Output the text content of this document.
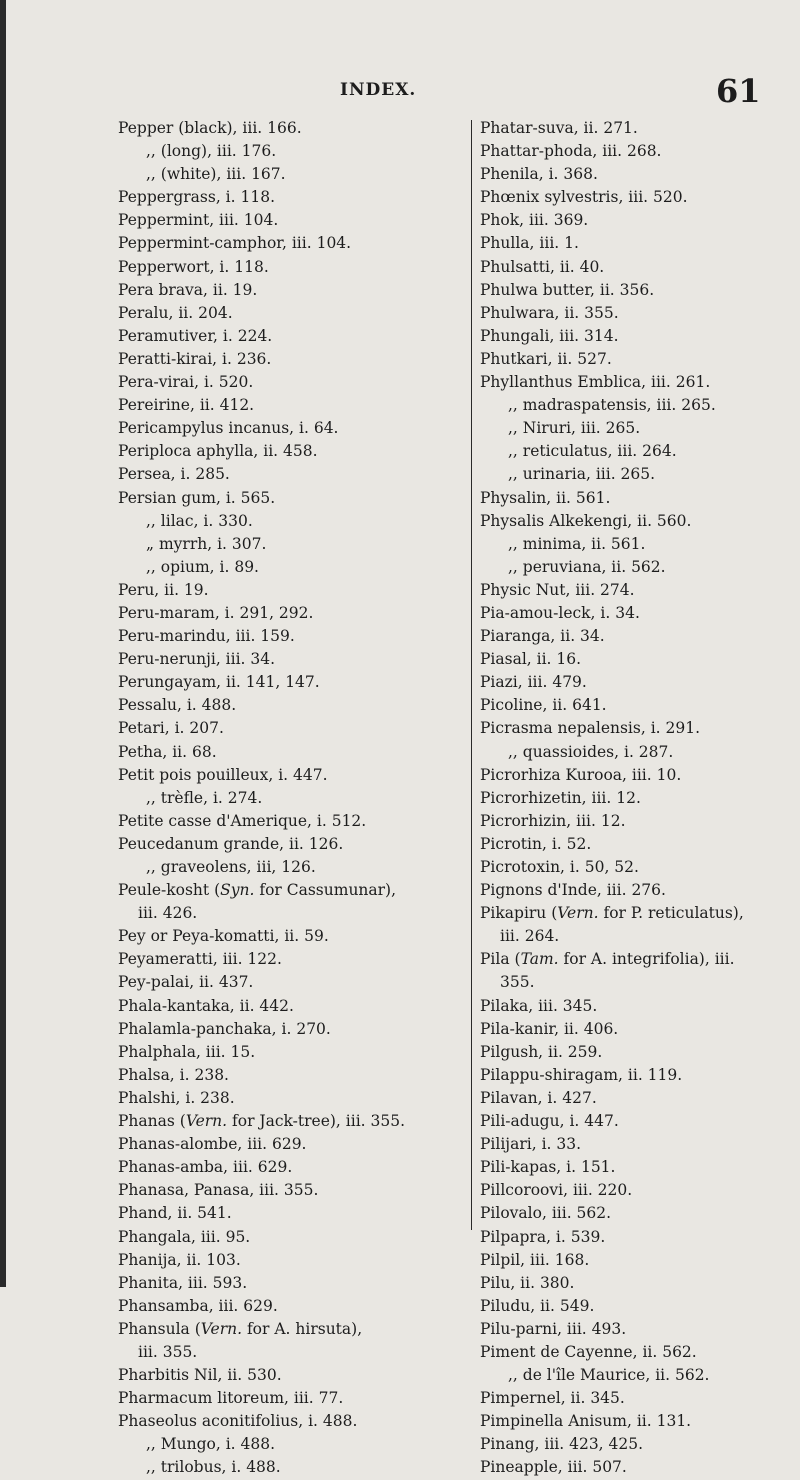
INDEX.	61
Pepper (black), iii. 166.
,, (long), iii. 176.
,, (white), iii. 167.
Peppergrass, i. 118.
Peppermint, iii. 104.
Peppermint-camphor, iii. 104.
Pepperwort, i. 118.
Pera brava, ii. 19.
Peralu, ii. 204.
Peramutiver, i. 224.
Peratti-kirai, i. 236.
Pera-virai, i. 520.
Pereirine, ii. 412.
Pericampylus incanus, i. 64.
Periploca aphylla, ii. 458.
Persea, i. 285.
Persian gum, i. 565.
,, lilac, i. 330.
„ myrrh, i. 307.
,, opium, i. 89.
Peru, ii. 19.
Peru-maram, i. 291, 292.
Peru-marindu, iii. 159.
Peru-nerunji, iii. 34.
Perungayam, ii. 141, 147.
Pessalu, i. 488.
Petari, i. 207.
Petha, ii. 68.
Petit pois pouilleux, i. 447.
,, trèfle, i. 274.
Petite casse d'Amerique, i. 512.
Peucedanum grande, ii. 126.
,, graveolens, iii, 126.
Peule-kosht (Syn. for Cassumunar),
iii. 426.
Pey or Peya-komatti, ii. 59.
Peyameratti, iii. 122.
Pey-palai, ii. 437.
Phala-kantaka, ii. 442.
Phalamla-panchaka, i. 270.
Phalphala, iii. 15.
Phalsa, i. 238.
Phalshi, i. 238.
Phanas (Vern. for Jack-tree), iii. 355.
Phanas-alombe, iii. 629.
Phanas-amba, iii. 629.
Phanasa, Panasa, iii. 355.
Phand, ii. 541.
Phangala, iii. 95.
Phanija, ii. 103.
Phanita, iii. 593.
Phansamba, iii. 629.
Phansula (Vern. for A. hirsuta),
iii. 355.
Pharbitis Nil, ii. 530.
Pharmacum litoreum, iii. 77.
Phaseolus aconitifolius, i. 488.
,, Mungo, i. 488.
,, trilobus, i. 488.
Phatar-suva, ii. 271.
Phattar-phoda, iii. 268.
Phenila, i. 368.
Phœnix sylvestris, iii. 520.
Phok, iii. 369.
Phulla, iii. 1.
Phulsatti, ii. 40.
Phulwa butter, ii. 356.
Phulwara, ii. 355.
Phungali, iii. 314.
Phutkari, ii. 527.
Phyllanthus Emblica, iii. 261.
,, madraspatensis, iii. 265.
,, Niruri, iii. 265.
,, reticulatus, iii. 264.
,, urinaria, iii. 265.
Physalin, ii. 561.
Physalis Alkekengi, ii. 560.
,, minima, ii. 561.
,, peruviana, ii. 562.
Physic Nut, iii. 274.
Pia-amou-leck, i. 34.
Piaranga, ii. 34.
Piasal, ii. 16.
Piazi, iii. 479.
Picoline, ii. 641.
Picrasma nepalensis, i. 291.
,, quassioides, i. 287.
Picrorhiza Kurooa, iii. 10.
Picrorhizetin, iii. 12.
Picrorhizin, iii. 12.
Picrotin, i. 52.
Picrotoxin, i. 50, 52.
Pignons d'Inde, iii. 276.
Pikapiru (Vern. for P. reticulatus),
iii. 264.
Pila (Tam. for A. integrifolia), iii.
355.
Pilaka, iii. 345.
Pila-kanir, ii. 406.
Pilgush, ii. 259.
Pilappu-shiragam, ii. 119.
Pilavan, i. 427.
Pili-adugu, i. 447.
Pilijari, i. 33.
Pili-kapas, i. 151.
Pillcoroovi, iii. 220.
Pilovalo, iii. 562.
Pilpapra, i. 539.
Pilpil, iii. 168.
Pilu, ii. 380.
Piludu, ii. 549.
Pilu-parni, iii. 493.
Piment de Cayenne, ii. 562.
,, de l'île Maurice, ii. 562.
Pimpernel, ii. 345.
Pimpinella Anisum, ii. 131.
Pinang, iii. 423, 425.
Pineapple, iii. 507.
